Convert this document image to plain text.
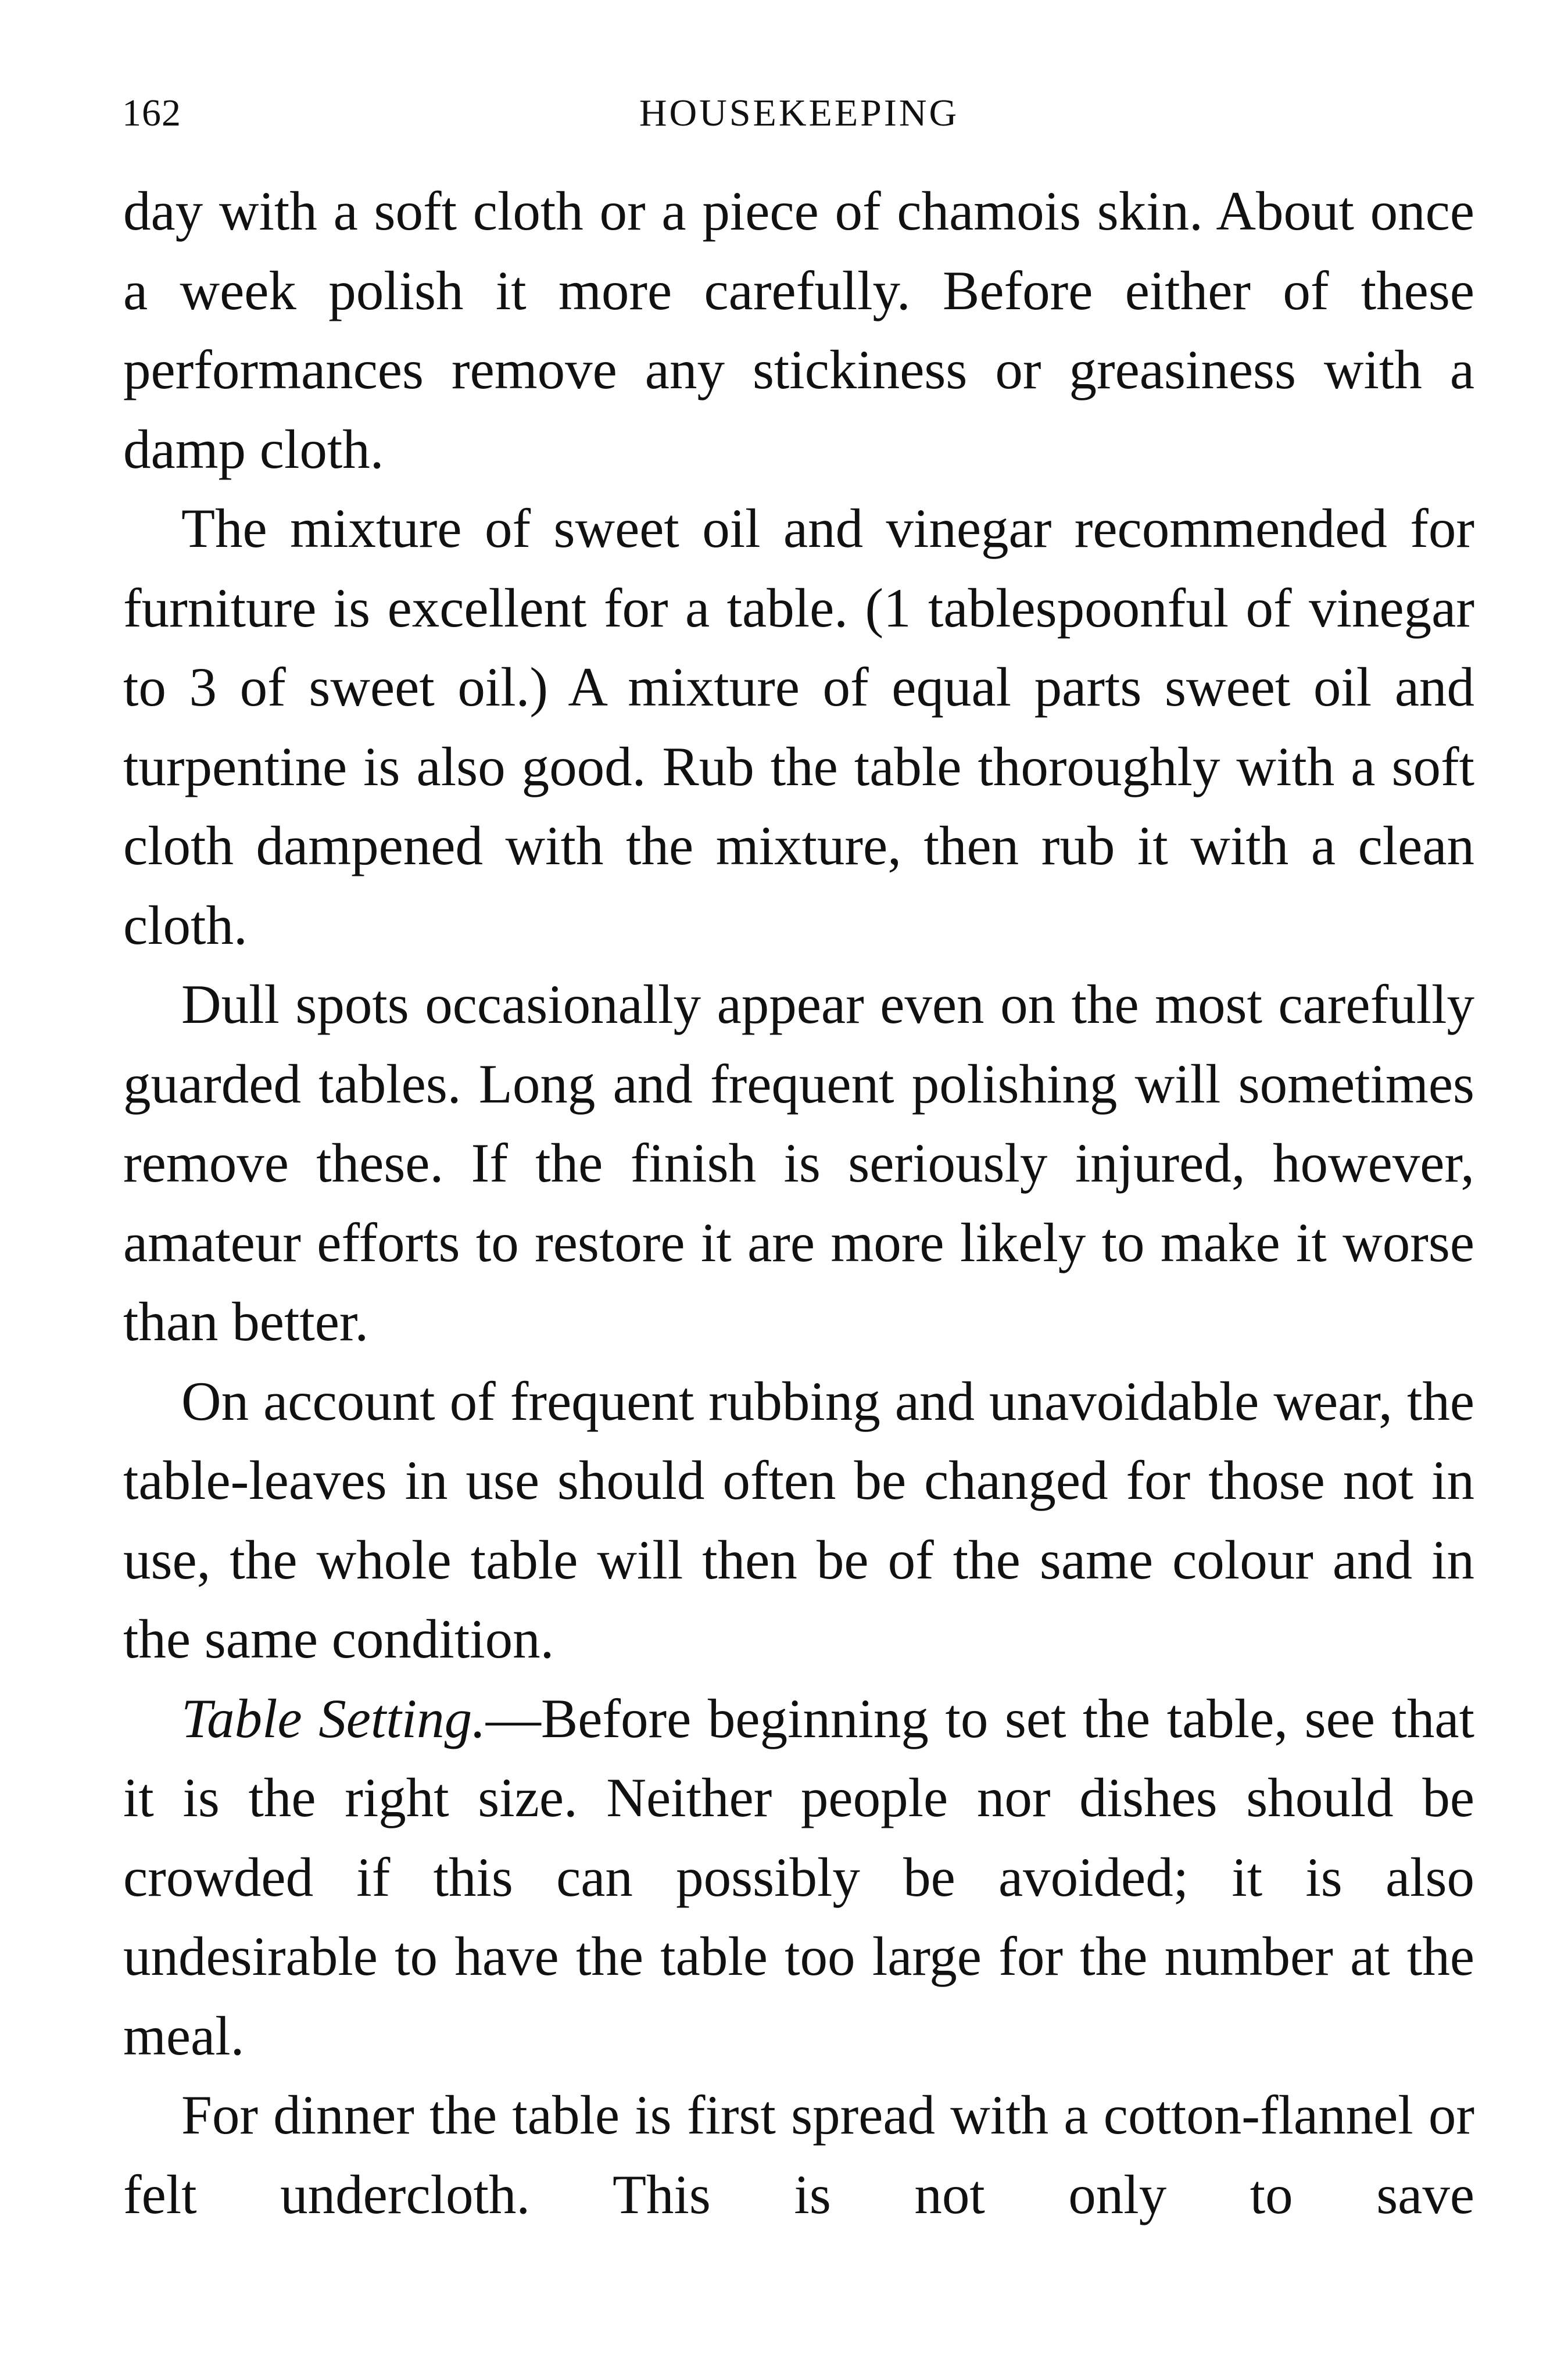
162	HOUSEKEEPING

day with a soft cloth or a piece of chamois skin. About once a week polish it more carefully. Before either of these performances remove any stickiness or greasiness with a damp cloth.

The mixture of sweet oil and vinegar recommended for furniture is excellent for a table. (1 tablespoonful of vinegar to 3 of sweet oil.) A mixture of equal parts sweet oil and turpentine is also good. Rub the table thoroughly with a soft cloth dampened with the mixture, then rub it with a clean cloth.

Dull spots occasionally appear even on the most carefully guarded tables. Long and frequent polishing will sometimes remove these. If the finish is seriously injured, however, amateur efforts to restore it are more likely to make it worse than better.

On account of frequent rubbing and unavoidable wear, the table-leaves in use should often be changed for those not in use, the whole table will then be of the same colour and in the same condition.

Table Setting.—Before beginning to set the table, see that it is the right size. Neither people nor dishes should be crowded if this can possibly be avoided; it is also undesirable to have the table too large for the number at the meal.

For dinner the table is first spread with a cotton-flannel or felt undercloth. This is not only to save
